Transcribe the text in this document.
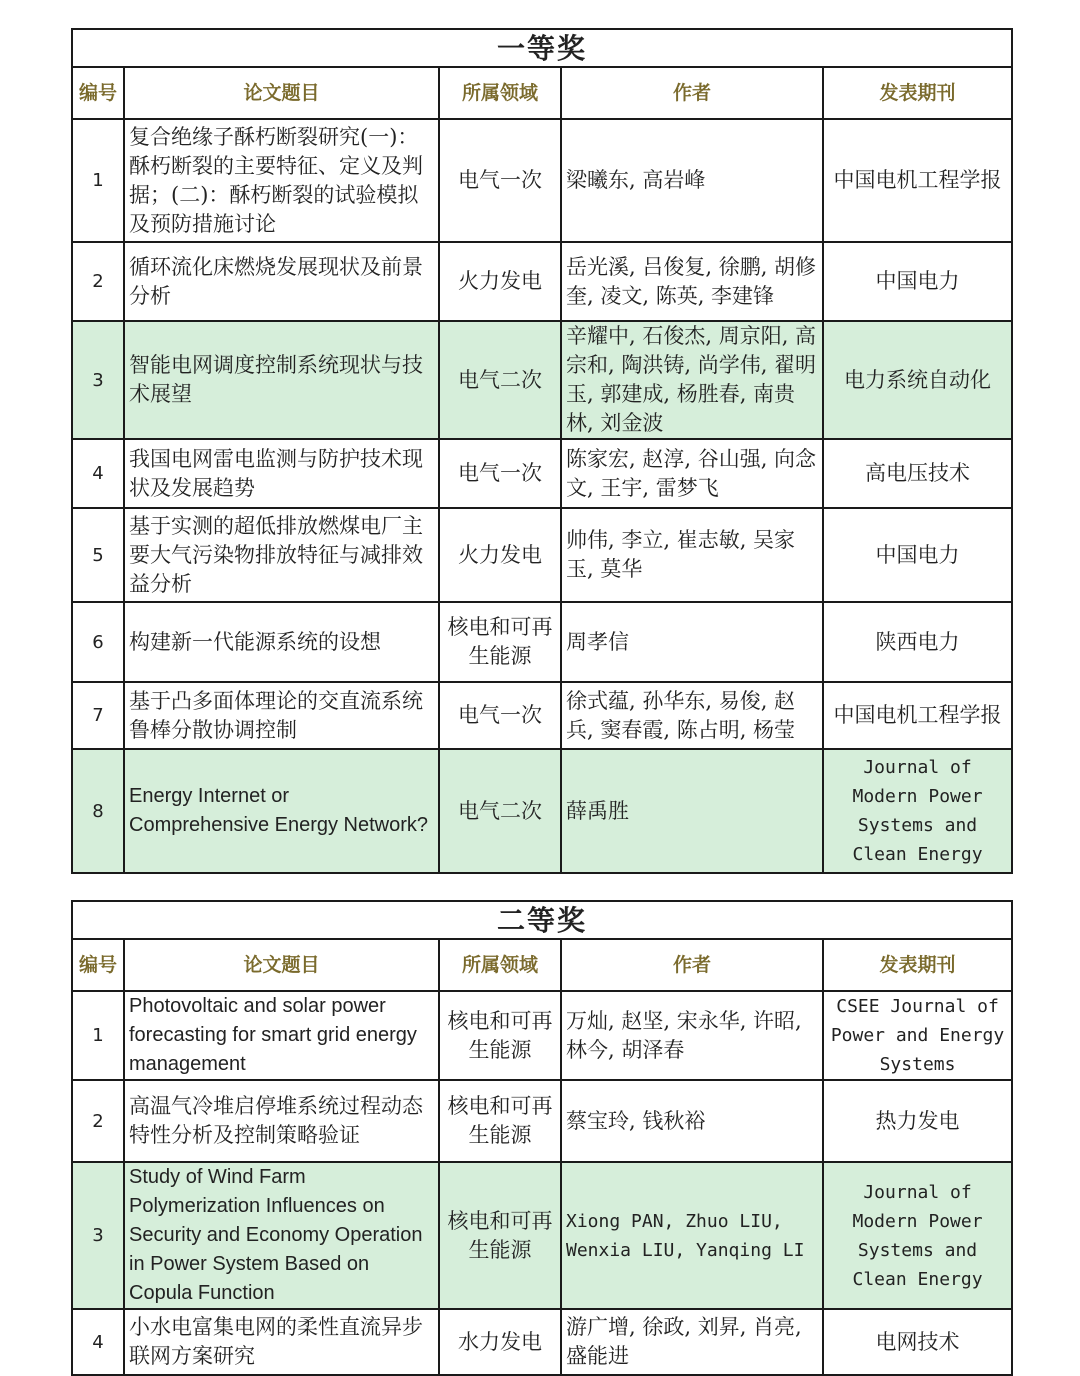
一等奖				
编号	论文题目	所属领域	作者	发表期刊
1	复合绝缘子酥朽断裂研究(一)：酥朽断裂的主要特征、定义及判据；(二)：酥朽断裂的试验模拟及预防措施讨论	电气一次	梁曦东, 高岩峰	中国电机工程学报
2	循环流化床燃烧发展现状及前景分析	火力发电	岳光溪, 吕俊复, 徐鹏, 胡修奎, 凌文, 陈英, 李建锋	中国电力
3	智能电网调度控制系统现状与技术展望	电气二次	辛耀中, 石俊杰, 周京阳, 高宗和, 陶洪铸, 尚学伟, 翟明玉, 郭建成, 杨胜春, 南贵林, 刘金波	电力系统自动化
4	我国电网雷电监测与防护技术现状及发展趋势	电气一次	陈家宏, 赵淳, 谷山强, 向念文, 王宇, 雷梦飞	高电压技术
5	基于实测的超低排放燃煤电厂主要大气污染物排放特征与减排效益分析	火力发电	帅伟, 李立, 崔志敏, 吴家玉, 莫华	中国电力
6	构建新一代能源系统的设想	核电和可再生能源	周孝信	陕西电力
7	基于凸多面体理论的交直流系统鲁棒分散协调控制	电气一次	徐式蕴, 孙华东, 易俊, 赵兵, 窦春霞, 陈占明, 杨莹	中国电机工程学报
8	Energy Internet or Comprehensive Energy Network?	电气二次	薛禹胜	Journal of Modern Power Systems and Clean Energy
二等奖				
编号	论文题目	所属领域	作者	发表期刊
1	Photovoltaic and solar power forecasting for smart grid energy management	核电和可再生能源	万灿, 赵坚, 宋永华, 许昭, 林今, 胡泽春	CSEE Journal of Power and Energy Systems
2	高温气冷堆启停堆系统过程动态特性分析及控制策略验证	核电和可再生能源	蔡宝玲, 钱秋裕	热力发电
3	Study of Wind Farm Polymerization Influences on Security and Economy Operation in Power System Based on Copula Function	核电和可再生能源	Xiong PAN, Zhuo LIU, Wenxia LIU, Yanqing LI	Journal of Modern Power Systems and Clean Energy
4	小水电富集电网的柔性直流异步联网方案研究	水力发电	游广增, 徐政, 刘昇, 肖亮, 盛能进	电网技术
